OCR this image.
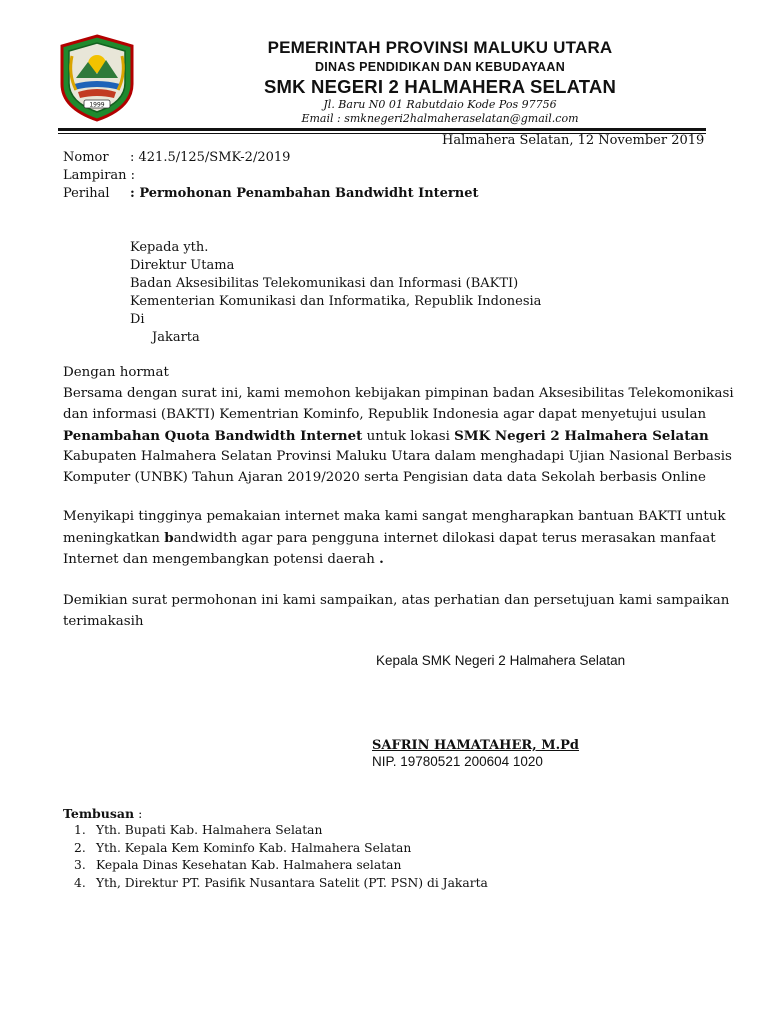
1999
PEMERINTAH PROVINSI MALUKU UTARA
DINAS PENDIDIKAN DAN KEBUDAYAAN
SMK NEGERI 2 HALMAHERA SELATAN
Jl. Baru N0 01 Rabutdaio Kode Pos 97756
Email : smknegeri2halmaheraselatan@gmail.com
Halmahera Selatan, 12 November 2019
Nomor : 421.5/125/SMK-2/2019
Lampiran :
Perihal : Permohonan Penambahan Bandwidht Internet
Kepada yth.
Direktur Utama
Badan Aksesibilitas Telekomunikasi dan Informasi (BAKTI)
Kementerian Komunikasi dan Informatika, Republik Indonesia
Di
Jakarta
Dengan hormat
Bersama dengan surat ini, kami memohon kebijakan pimpinan badan Aksesibilitas Telekomonikasi
dan informasi (BAKTI) Kementrian Kominfo, Republik Indonesia agar dapat menyetujui usulan
Penambahan Quota Bandwidth Internet untuk lokasi SMK Negeri 2 Halmahera Selatan
Kabupaten Halmahera Selatan Provinsi Maluku Utara dalam menghadapi Ujian Nasional Berbasis
Komputer (UNBK) Tahun Ajaran 2019/2020 serta Pengisian data data Sekolah berbasis Online
Menyikapi tingginya pemakaian internet maka kami sangat mengharapkan bantuan BAKTI untuk
meningkatkan bandwidth agar para pengguna internet dilokasi dapat terus merasakan manfaat
Internet dan mengembangkan potensi daerah .
Demikian surat permohonan ini kami sampaikan, atas perhatian dan persetujuan kami sampaikan
terimakasih
Kepala SMK Negeri 2 Halmahera Selatan
SAFRIN HAMATAHER, M.Pd
NIP. 19780521 200604 1020
Tembusan :
1. Yth. Bupati Kab. Halmahera Selatan
2. Yth. Kepala Kem Kominfo Kab. Halmahera Selatan
3. Kepala Dinas Kesehatan Kab. Halmahera selatan
4. Yth, Direktur PT. Pasifik Nusantara Satelit (PT. PSN) di Jakarta
